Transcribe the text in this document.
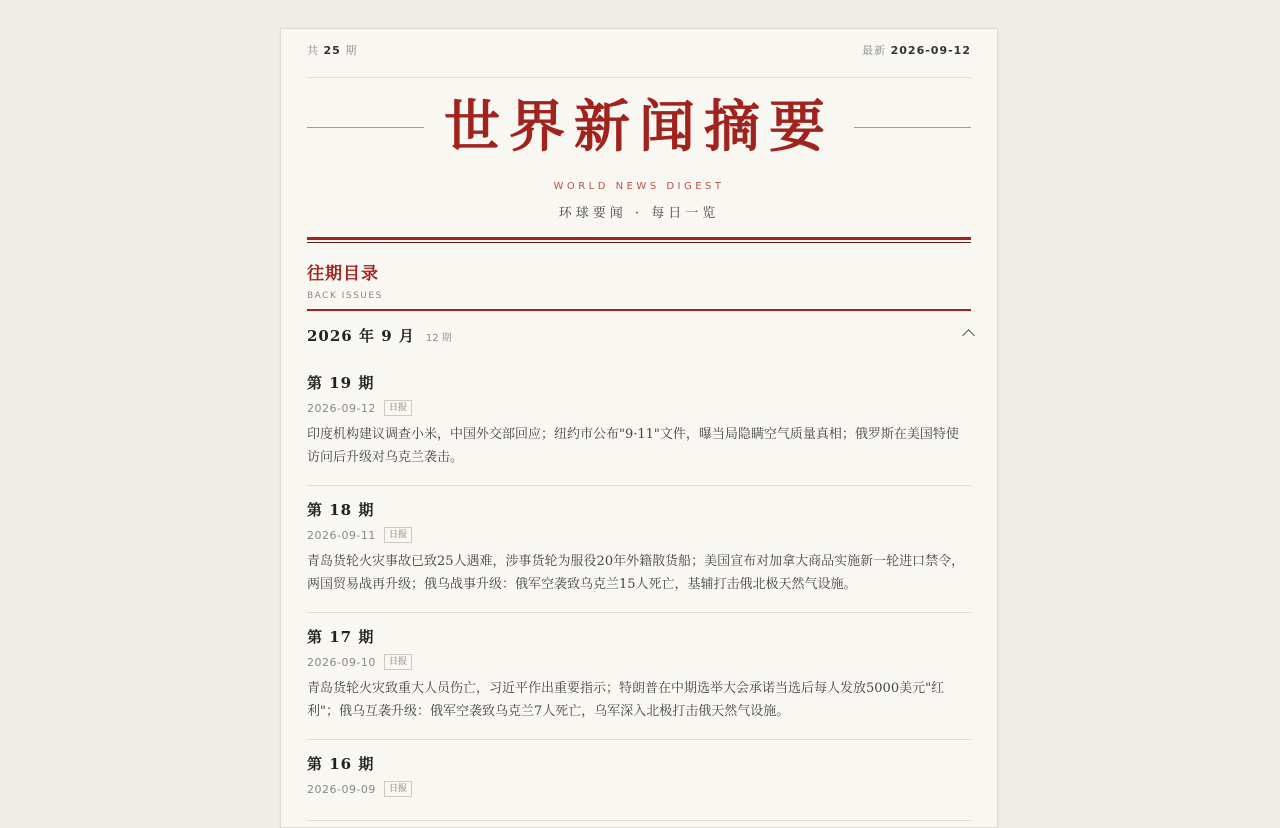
共 25 期	最新 2026-09-12
世界新闻摘要
WORLD NEWS DIGEST
环球要闻 · 每日一览
往期目录
BACK ISSUES
2026 年 9 月 12 期
第 19 期
2026-09-12	日报
印度机构建议调查小米，中国外交部回应；纽约市公布"9·11"文件，曝当局隐瞒空气质量真相；俄罗斯在美国特使访问后升级对乌克兰袭击。
第 18 期
2026-09-11	日报
青岛货轮火灾事故已致25人遇难，涉事货轮为服役20年外籍散货船；美国宣布对加拿大商品实施新一轮进口禁令，两国贸易战再升级；俄乌战事升级：俄军空袭致乌克兰15人死亡，基辅打击俄北极天然气设施。
第 17 期
2026-09-10	日报
青岛货轮火灾致重大人员伤亡，习近平作出重要指示；特朗普在中期选举大会承诺当选后每人发放5000美元"红利"；俄乌互袭升级：俄军空袭致乌克兰7人死亡，乌军深入北极打击俄天然气设施。
第 16 期
2026-09-09	日报
